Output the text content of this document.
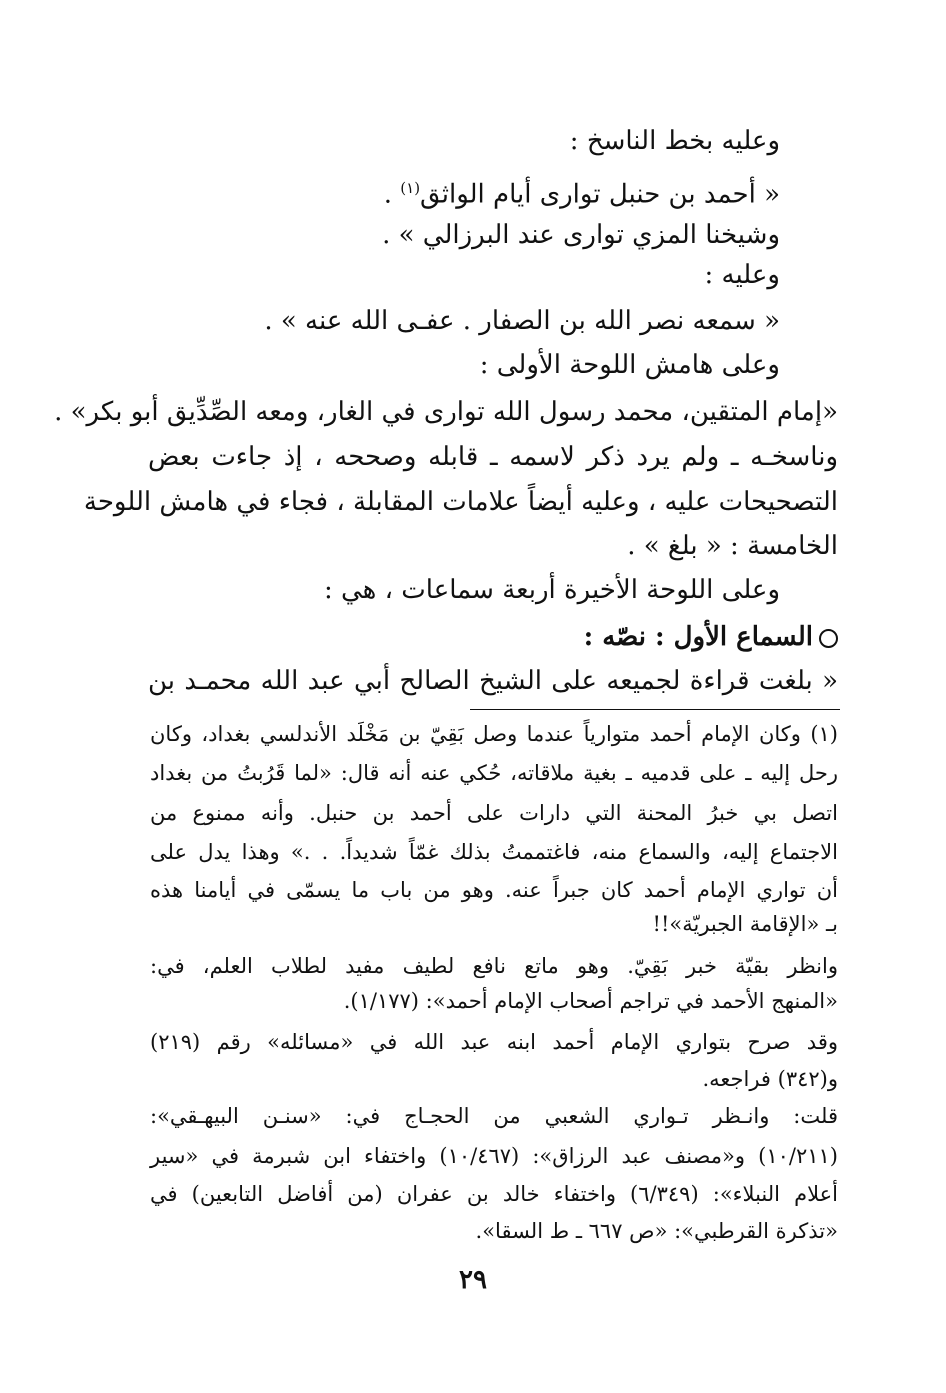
وعليه بخط الناسخ :
« أحمد بن حنبل توارى أيام الواثق$^{(١)}$ .
وشيخنا المزي توارى عند البرزالي » .
وعليه :
« سمعه نصر الله بن الصفار . عفـى الله عنه » .
وعلى هامش اللوحة الأولى :
«إمام المتقين، محمد رسول الله توارى في الغار، ومعه الصِّدِّيق أبو بكر» .
وناسخـه ـ ولم يرد ذكر لاسمه ـ قابله وصححه ، إذ جاءت بعض
التصحيحات عليه ، وعليه أيضاً علامات المقابلة ، فجاء في هامش اللوحة
الخامسة : « بلغ » .
وعلى اللوحة الأخيرة أربعة سماعات ، هي :
السماع الأول : نصّه :
« بلغت قراءة لجميعه على الشيخ الصالح أبي عبد الله محمـد بن
(١) وكان الإمام أحمد متوارياً عندما وصل بَقِيّ بن مَخْلَد الأندلسي بغداد، وكان
رحل إليه ـ على قدميه ـ بغية ملاقاته، حُكي عنه أنه قال: «لما قَرُبتُ من بغداد
اتصل بي خبرُ المحنة التي دارات على أحمد بن حنبل. وأنه ممنوع من
الاجتماع إليه، والسماع منه، فاغتممتُ بذلك غمّاً شديداً. . .» وهذا يدل على
أن تواري الإمام أحمد كان جبراً عنه. وهو من باب ما يسمّى في أيامنا هذه
بـ «الإقامة الجبريّة»!!
وانظر بقيّة خبر بَقِيّ. وهو ماتع نافع لطيف مفيد لطلاب العلم، في:
«المنهج الأحمد في تراجم أصحاب الإمام أحمد»: (١/١٧٧).
وقد صرح بتواري الإمام أحمد ابنه عبد الله في «مسائله» رقم (٢١٩)
و(٣٤٢) فراجعه.
قلت: وانـظر تـواري الشعبي من الحجـاج في: «سنـن البيهـقي»:
(١٠/٢١١) و«مصنف عبد الرزاق»: (١٠/٤٦٧) واختفاء ابن شبرمة في «سير
أعلام النبلاء»: (٦/٣٤٩) واختفاء خالد بن عفران (من أفاضل التابعين) في
«تذكرة القرطبي»: «ص ٦٦٧ ـ ط السقا».
٢٩
